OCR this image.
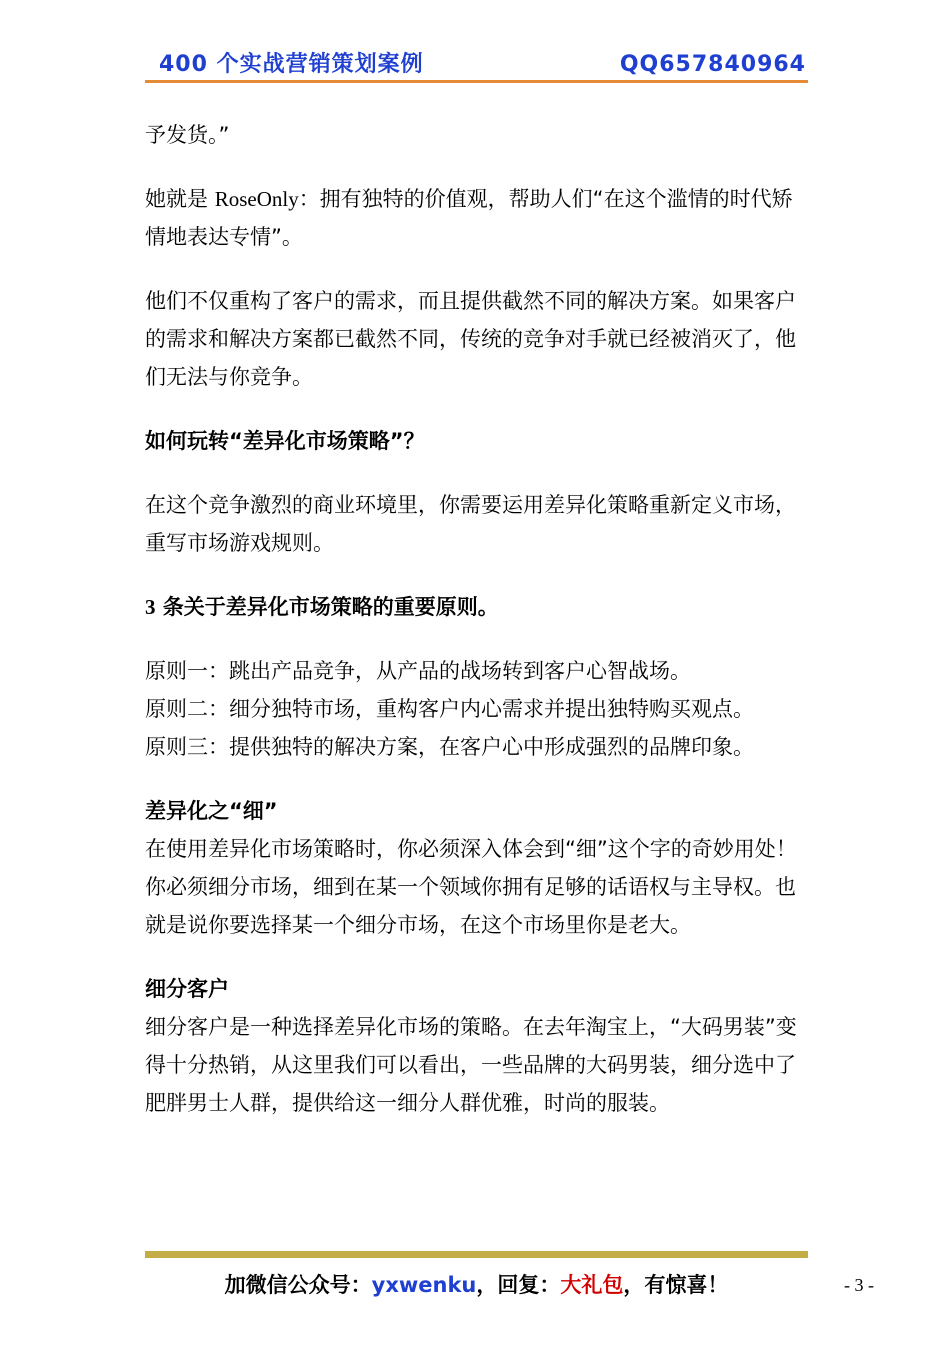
400 个实战营销策划案例	QQ657840964

予发货。”

她就是 RoseOnly：拥有独特的价值观，帮助人们“在这个滥情的时代矫情地表达专情”。

他们不仅重构了客户的需求，而且提供截然不同的解决方案。如果客户的需求和解决方案都已截然不同，传统的竞争对手就已经被消灭了，他们无法与你竞争。

如何玩转“差异化市场策略”？

在这个竞争激烈的商业环境里，你需要运用差异化策略重新定义市场，重写市场游戏规则。

3 条关于差异化市场策略的重要原则。

原则一：跳出产品竞争，从产品的战场转到客户心智战场。
原则二：细分独特市场，重构客户内心需求并提出独特购买观点。
原则三：提供独特的解决方案，在客户心中形成强烈的品牌印象。
差异化之“细”

在使用差异化市场策略时，你必须深入体会到“细”这个字的奇妙用处！你必须细分市场，细到在某一个领域你拥有足够的话语权与主导权。也就是说你要选择某一个细分市场，在这个市场里你是老大。

细分客户

细分客户是一种选择差异化市场的策略。在去年淘宝上，“大码男装”变得十分热销，从这里我们可以看出，一些品牌的大码男装，细分选中了肥胖男士人群，提供给这一细分人群优雅，时尚的服装。

加微信公众号：yxwenku，回复：大礼包，有惊喜！	- 3 -
